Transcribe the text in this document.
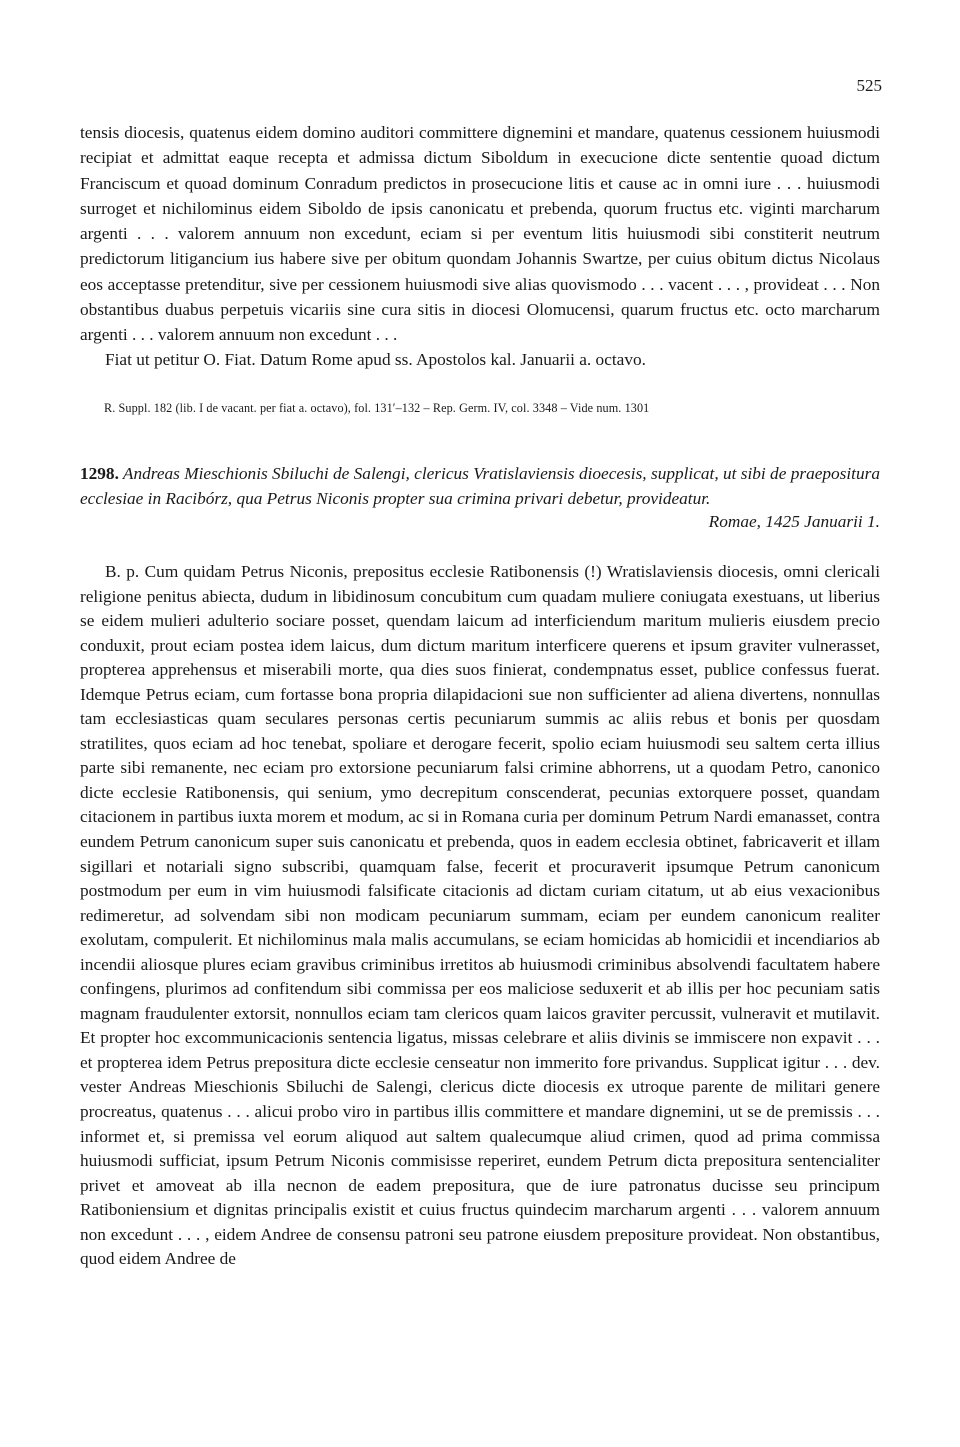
525
tensis diocesis, quatenus eidem domino auditori committere dignemini et mandare, quatenus cessionem huiusmodi recipiat et admittat eaque recepta et admissa dictum Siboldum in execucione dicte sententie quoad dictum Franciscum et quoad dominum Conradum predictos in prosecucione litis et cause ac in omni iure . . . huiusmodi surroget et nichilominus eidem Siboldo de ipsis canonicatu et prebenda, quorum fructus etc. viginti marcharum argenti . . . valorem annuum non excedunt, eciam si per eventum litis huiusmodi sibi constiterit neutrum predictorum litigancium ius habere sive per obitum quondam Johannis Swartze, per cuius obitum dictus Nicolaus eos acceptasse pretenditur, sive per cessionem huiusmodi sive alias quovismodo . . . vacent . . . , provideat . . . Non obstantibus duabus perpetuis vicariis sine cura sitis in diocesi Olomucensi, quarum fructus etc. octo marcharum argenti . . . valorem annuum non excedunt . . .
Fiat ut petitur O. Fiat. Datum Rome apud ss. Apostolos kal. Januarii a. octavo.
R. Suppl. 182 (lib. I de vacant. per fiat a. octavo), fol. 131′–132 – Rep. Germ. IV, col. 3348 – Vide num. 1301
1298. Andreas Mieschionis Sbiluchi de Salengi, clericus Vratislaviensis dioecesis, supplicat, ut sibi de praepositura ecclesiae in Racibórz, qua Petrus Niconis propter sua crimina privari debetur, provideatur.
Romae, 1425 Januarii 1.
B. p. Cum quidam Petrus Niconis, prepositus ecclesie Ratibonensis (!) Wratislaviensis diocesis, omni clericali religione penitus abiecta, dudum in libidinosum concubitum cum quadam muliere coniugata exestuans, ut liberius se eidem mulieri adulterio sociare posset, quendam laicum ad interficiendum maritum mulieris eiusdem precio conduxit, prout eciam postea idem laicus, dum dictum maritum interficere querens et ipsum graviter vulnerasset, propterea apprehensus et miserabili morte, qua dies suos finierat, condempnatus esset, publice confessus fuerat. Idemque Petrus eciam, cum fortasse bona propria dilapidacioni sue non sufficienter ad aliena divertens, nonnullas tam ecclesiasticas quam seculares personas certis pecuniarum summis ac aliis rebus et bonis per quosdam stratilites, quos eciam ad hoc tenebat, spoliare et derogare fecerit, spolio eciam huiusmodi seu saltem certa illius parte sibi remanente, nec eciam pro extorsione pecuniarum falsi crimine abhorrens, ut a quodam Petro, canonico dicte ecclesie Ratibonensis, qui senium, ymo decrepitum conscenderat, pecunias extorquere posset, quandam citacionem in partibus iuxta morem et modum, ac si in Romana curia per dominum Petrum Nardi emanasset, contra eundem Petrum canonicum super suis canonicatu et prebenda, quos in eadem ecclesia obtinet, fabricaverit et illam sigillari et notariali signo subscribi, quamquam false, fecerit et procuraverit ipsumque Petrum canonicum postmodum per eum in vim huiusmodi falsificate citacionis ad dictam curiam citatum, ut ab eius vexacionibus redimeretur, ad solvendam sibi non modicam pecuniarum summam, eciam per eundem canonicum realiter exolutam, compulerit. Et nichilominus mala malis accumulans, se eciam homicidas ab homicidii et incendiarios ab incendii aliosque plures eciam gravibus criminibus irretitos ab huiusmodi criminibus absolvendi facultatem habere confingens, plurimos ad confitendum sibi commissa per eos maliciose seduxerit et ab illis per hoc pecuniam satis magnam fraudulenter extorsit, nonnullos eciam tam clericos quam laicos graviter percussit, vulneravit et mutilavit. Et propter hoc excommunicacionis sentencia ligatus, missas celebrare et aliis divinis se immiscere non expavit . . . et propterea idem Petrus prepositura dicte ecclesie censeatur non immerito fore privandus. Supplicat igitur . . . dev. vester Andreas Mieschionis Sbiluchi de Salengi, clericus dicte diocesis ex utroque parente de militari genere procreatus, quatenus . . . alicui probo viro in partibus illis committere et mandare dignemini, ut se de premissis . . . informet et, si premissa vel eorum aliquod aut saltem qualecumque aliud crimen, quod ad prima commissa huiusmodi sufficiat, ipsum Petrum Niconis commisisse reperiret, eundem Petrum dicta prepositura sentencialiter privet et amoveat ab illa necnon de eadem prepositura, que de iure patronatus ducisse seu principum Ratiboniensium et dignitas principalis existit et cuius fructus quindecim marcharum argenti . . . valorem annuum non excedunt . . . , eidem Andree de consensu patroni seu patrone eiusdem prepositure provideat. Non obstantibus, quod eidem Andree de
